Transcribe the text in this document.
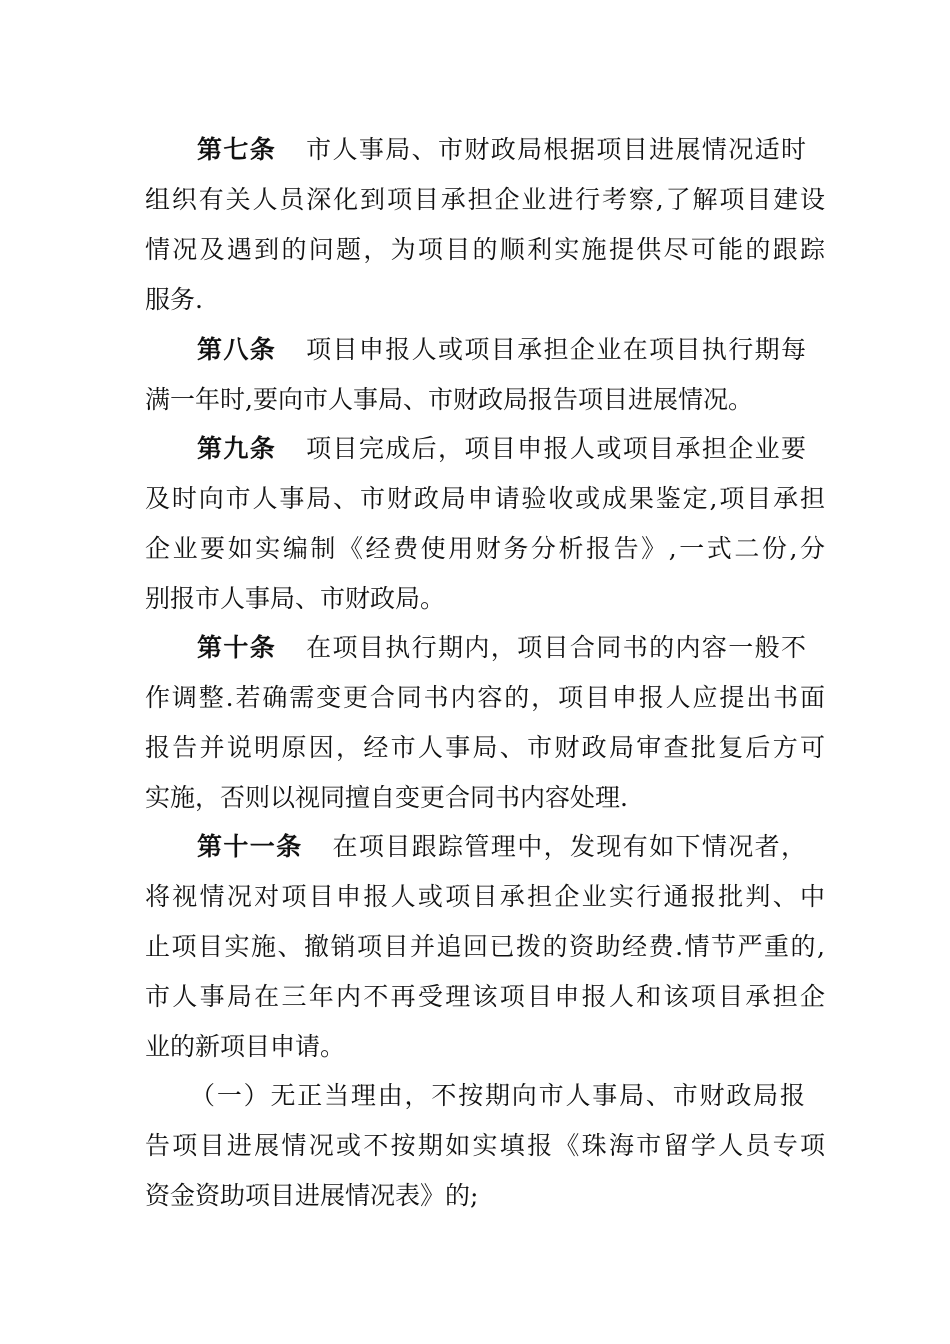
第七条 市人事局、市财政局根据项目进展情况适时
组织有关人员深化到项目承担企业进行考察,了解项目建设
情况及遇到的问题，为项目的顺利实施提供尽可能的跟踪
服务.
第八条 项目申报人或项目承担企业在项目执行期每
满一年时,要向市人事局、市财政局报告项目进展情况。
第九条 项目完成后，项目申报人或项目承担企业要
及时向市人事局、市财政局申请验收或成果鉴定,项目承担
企业要如实编制《经费使用财务分析报告》,一式二份,分
别报市人事局、市财政局。
第十条 在项目执行期内，项目合同书的内容一般不
作调整.若确需变更合同书内容的，项目申报人应提出书面
报告并说明原因，经市人事局、市财政局审查批复后方可
实施，否则以视同擅自变更合同书内容处理.
第十一条 在项目跟踪管理中，发现有如下情况者，
将视情况对项目申报人或项目承担企业实行通报批判、中
止项目实施、撤销项目并追回已拨的资助经费.情节严重的,
市人事局在三年内不再受理该项目申报人和该项目承担企
业的新项目申请。
（一）无正当理由，不按期向市人事局、市财政局报
告项目进展情况或不按期如实填报《珠海市留学人员专项
资金资助项目进展情况表》的;
